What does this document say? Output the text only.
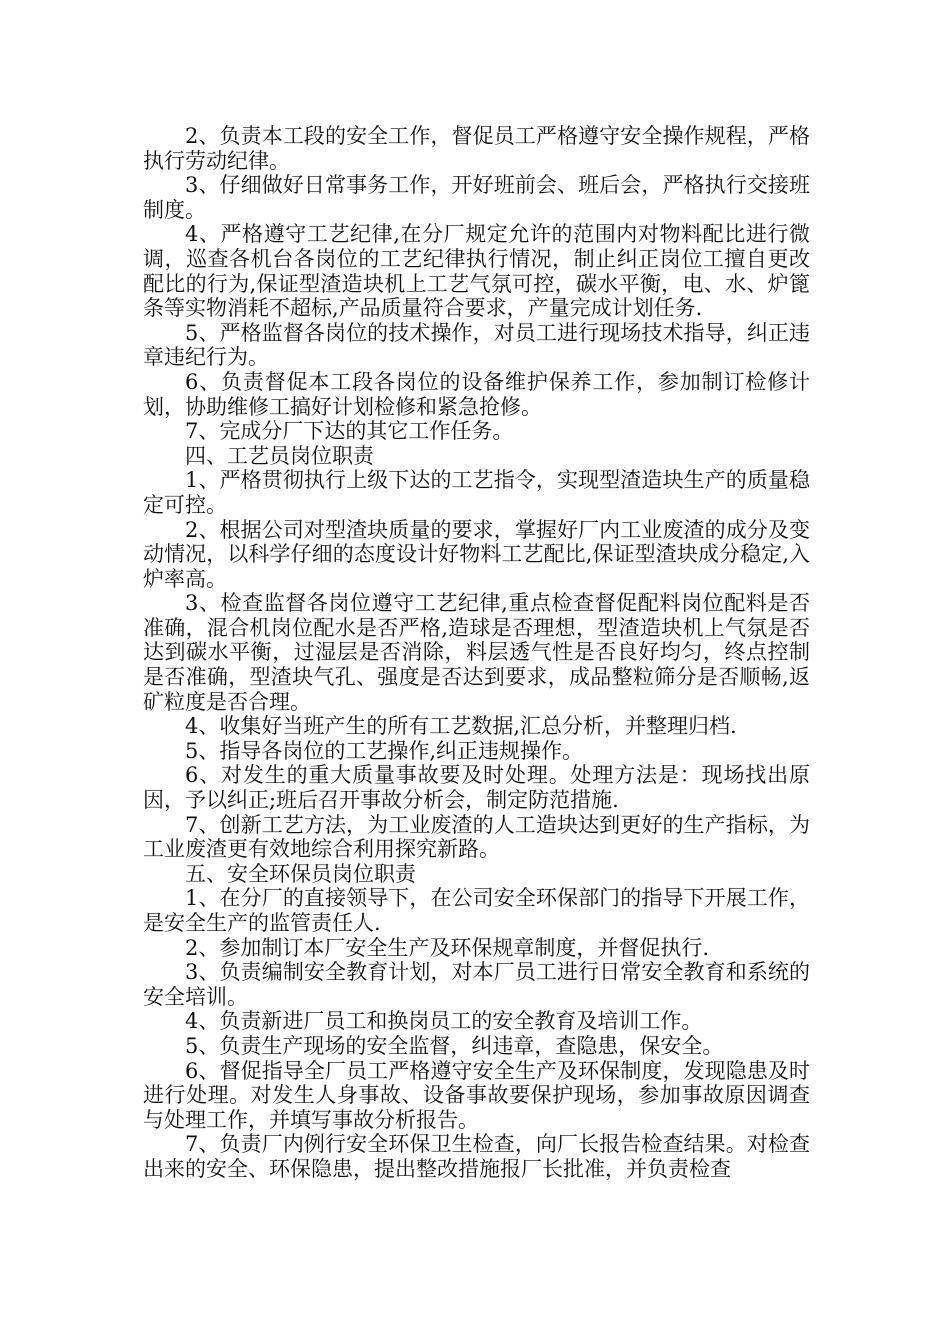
2、负责本工段的安全工作，督促员工严格遵守安全操作规程，严格执行劳动纪律。

3、仔细做好日常事务工作，开好班前会、班后会，严格执行交接班制度。

4、严格遵守工艺纪律,在分厂规定允许的范围内对物料配比进行微调，巡查各机台各岗位的工艺纪律执行情况，制止纠正岗位工擅自更改配比的行为,保证型渣造块机上工艺气氛可控，碳水平衡，电、水、炉篦条等实物消耗不超标,产品质量符合要求，产量完成计划任务.

5、严格监督各岗位的技术操作，对员工进行现场技术指导，纠正违章违纪行为。

6、负责督促本工段各岗位的设备维护保养工作，参加制订检修计划，协助维修工搞好计划检修和紧急抢修。

7、完成分厂下达的其它工作任务。

四、工艺员岗位职责

1、严格贯彻执行上级下达的工艺指令，实现型渣造块生产的质量稳定可控。

2、根据公司对型渣块质量的要求，掌握好厂内工业废渣的成分及变动情况，以科学仔细的态度设计好物料工艺配比,保证型渣块成分稳定,入炉率高。

3、检查监督各岗位遵守工艺纪律,重点检查督促配料岗位配料是否准确，混合机岗位配水是否严格,造球是否理想，型渣造块机上气氛是否达到碳水平衡，过湿层是否消除，料层透气性是否良好均匀，终点控制是否准确，型渣块气孔、强度是否达到要求，成品整粒筛分是否顺畅,返矿粒度是否合理。

4、收集好当班产生的所有工艺数据,汇总分析，并整理归档.

5、指导各岗位的工艺操作,纠正违规操作。

6、对发生的重大质量事故要及时处理。处理方法是：现场找出原因，予以纠正;班后召开事故分析会，制定防范措施.

7、创新工艺方法，为工业废渣的人工造块达到更好的生产指标，为工业废渣更有效地综合利用探究新路。

五、安全环保员岗位职责

1、在分厂的直接领导下，在公司安全环保部门的指导下开展工作，是安全生产的监管责任人.

2、参加制订本厂安全生产及环保规章制度，并督促执行.

3、负责编制安全教育计划，对本厂员工进行日常安全教育和系统的安全培训。

4、负责新进厂员工和换岗员工的安全教育及培训工作。

5、负责生产现场的安全监督，纠违章，查隐患，保安全。

6、督促指导全厂员工严格遵守安全生产及环保制度，发现隐患及时进行处理。对发生人身事故、设备事故要保护现场，参加事故原因调查与处理工作，并填写事故分析报告。

7、负责厂内例行安全环保卫生检查，向厂长报告检查结果。对检查出来的安全、环保隐患，提出整改措施报厂长批准，并负责检查
